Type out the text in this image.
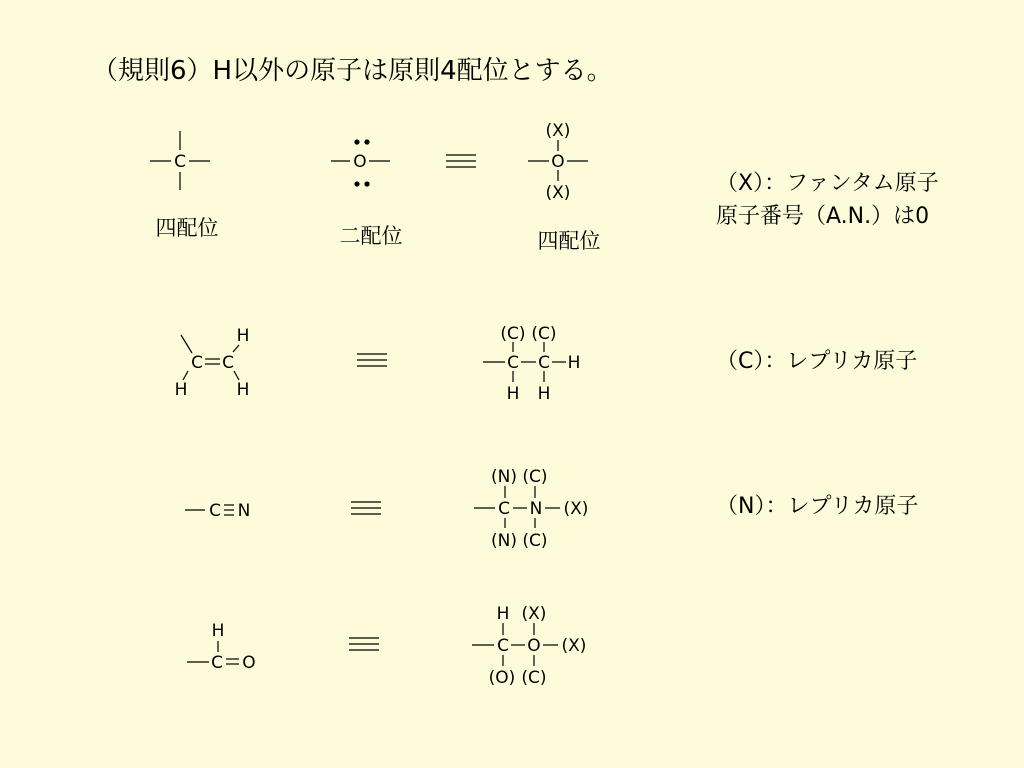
（規則6）H以外の原子は原則4配位とする。
C	O
(X)
O
(X)
C C
H
H	H
(C) (C)
C C H
H H
C N
(N) (C)
C N (X)
(N) (C)
H
C O
H (X)
C O (X)
(O) (C)
四配位	二配位	四配位
（X）：ファンタム原子
原子番号（A.N.）は0
（C）：レプリカ原子
（N）：レプリカ原子
